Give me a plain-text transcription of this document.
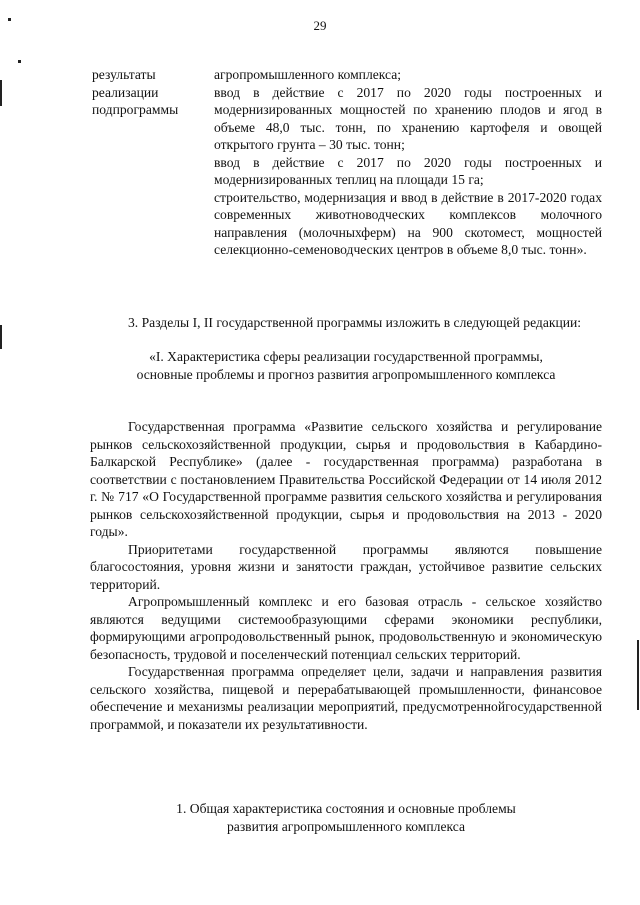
29
результаты
реализации
подпрограммы
агропромышленного комплекса;
ввод в действие с 2017 по 2020 годы построенных и модернизированных мощностей по хранению плодов и ягод в объеме 48,0 тыс. тонн, по хранению картофеля и овощей открытого грунта – 30 тыс. тонн;
ввод в действие с 2017 по 2020 годы построенных и модернизированных теплиц на площади 15 га;
строительство, модернизация и ввод в действие в 2017-2020 годах современных животноводческих комплексов молочного направления (молочныхферм) на 900 скотомест, мощностей селекционно-семеноводческих центров в объеме 8,0 тыс. тонн».

3. Разделы I, II государственной программы изложить в следующей редакции:

«I. Характеристика сферы реализации государственной программы, основные проблемы и прогноз развития агропромышленного комплекса

Государственная программа «Развитие сельского хозяйства и регулирование рынков сельскохозяйственной продукции, сырья и продовольствия в Кабардино-Балкарской Республике» (далее - государственная программа) разработана в соответствии с постановлением Правительства Российской Федерации от 14 июля 2012 г. № 717 «О Государственной программе развития сельского хозяйства и регулирования рынков сельскохозяйственной продукции, сырья и продовольствия на 2013 - 2020 годы».

Приоритетами государственной программы являются повышение благосостояния, уровня жизни и занятости граждан, устойчивое развитие сельских территорий.

Агропромышленный комплекс и его базовая отрасль - сельское хозяйство являются ведущими системообразующими сферами экономики республики, формирующими агропродовольственный рынок, продовольственную и экономическую безопасность, трудовой и поселенческий потенциал сельских территорий.

Государственная программа определяет цели, задачи и направления развития сельского хозяйства, пищевой и перерабатывающей промышленности, финансовое обеспечение и механизмы реализации мероприятий, предусмотреннойгосударственной программой, и показатели их результативности.

1. Общая характеристика состояния и основные проблемы развития агропромышленного комплекса
